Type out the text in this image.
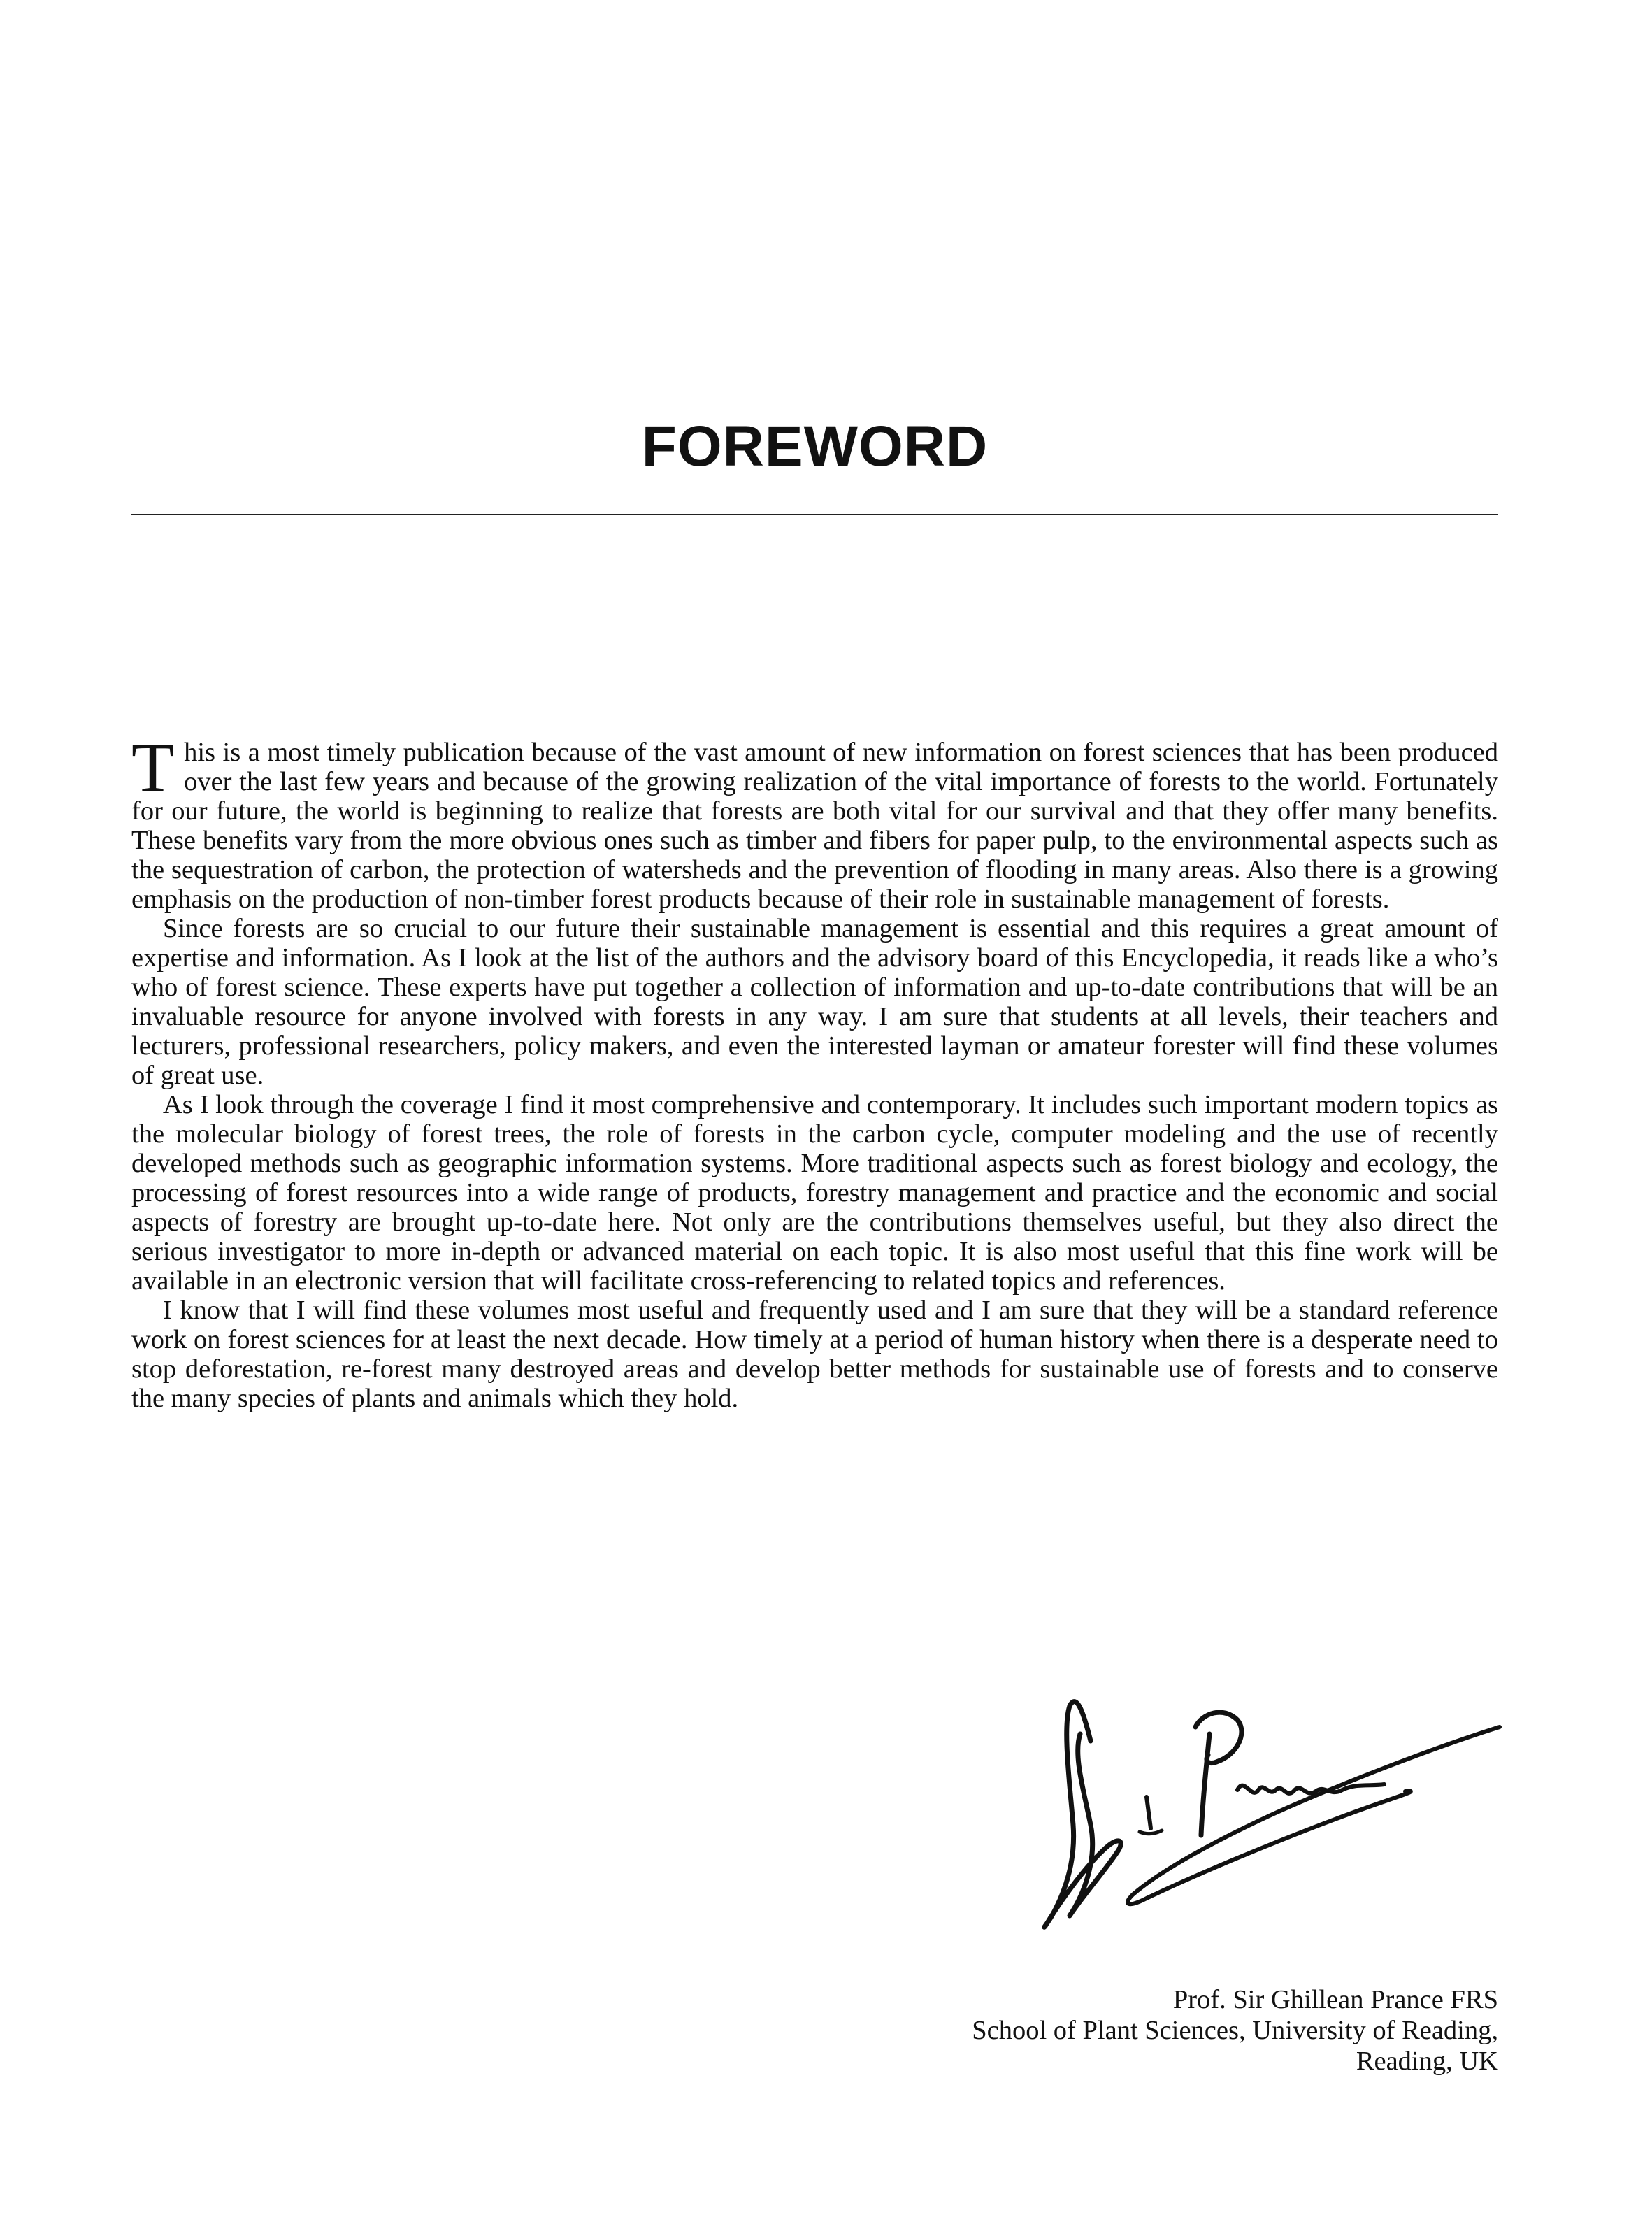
FOREWORD

This is a most timely publication because of the vast amount of new information on forest sciences that has been produced over the last few years and because of the growing realization of the vital importance of forests to the world. Fortunately for our future, the world is beginning to realize that forests are both vital for our survival and that they offer many benefits. These benefits vary from the more obvious ones such as timber and fibers for paper pulp, to the environmental aspects such as the sequestration of carbon, the protection of watersheds and the prevention of flooding in many areas. Also there is a growing emphasis on the production of non-timber forest products because of their role in sustainable management of forests.

Since forests are so crucial to our future their sustainable management is essential and this requires a great amount of expertise and information. As I look at the list of the authors and the advisory board of this Encyclopedia, it reads like a who’s who of forest science. These experts have put together a collection of information and up-to-date contributions that will be an invaluable resource for anyone involved with forests in any way. I am sure that students at all levels, their teachers and lecturers, professional researchers, policy makers, and even the interested layman or amateur forester will find these volumes of great use.

As I look through the coverage I find it most comprehensive and contemporary. It includes such important modern topics as the molecular biology of forest trees, the role of forests in the carbon cycle, computer modeling and the use of recently developed methods such as geographic information systems. More traditional aspects such as forest biology and ecology, the processing of forest resources into a wide range of products, forestry management and practice and the economic and social aspects of forestry are brought up-to-date here. Not only are the contributions themselves useful, but they also direct the serious investigator to more in-depth or advanced material on each topic. It is also most useful that this fine work will be available in an electronic version that will facilitate cross-referencing to related topics and references.

I know that I will find these volumes most useful and frequently used and I am sure that they will be a standard reference work on forest sciences for at least the next decade. How timely at a period of human history when there is a desperate need to stop deforestation, re-forest many destroyed areas and develop better methods for sustainable use of forests and to conserve the many species of plants and animals which they hold.

Prof. Sir Ghillean Prance FRS
School of Plant Sciences, University of Reading,
Reading, UK
